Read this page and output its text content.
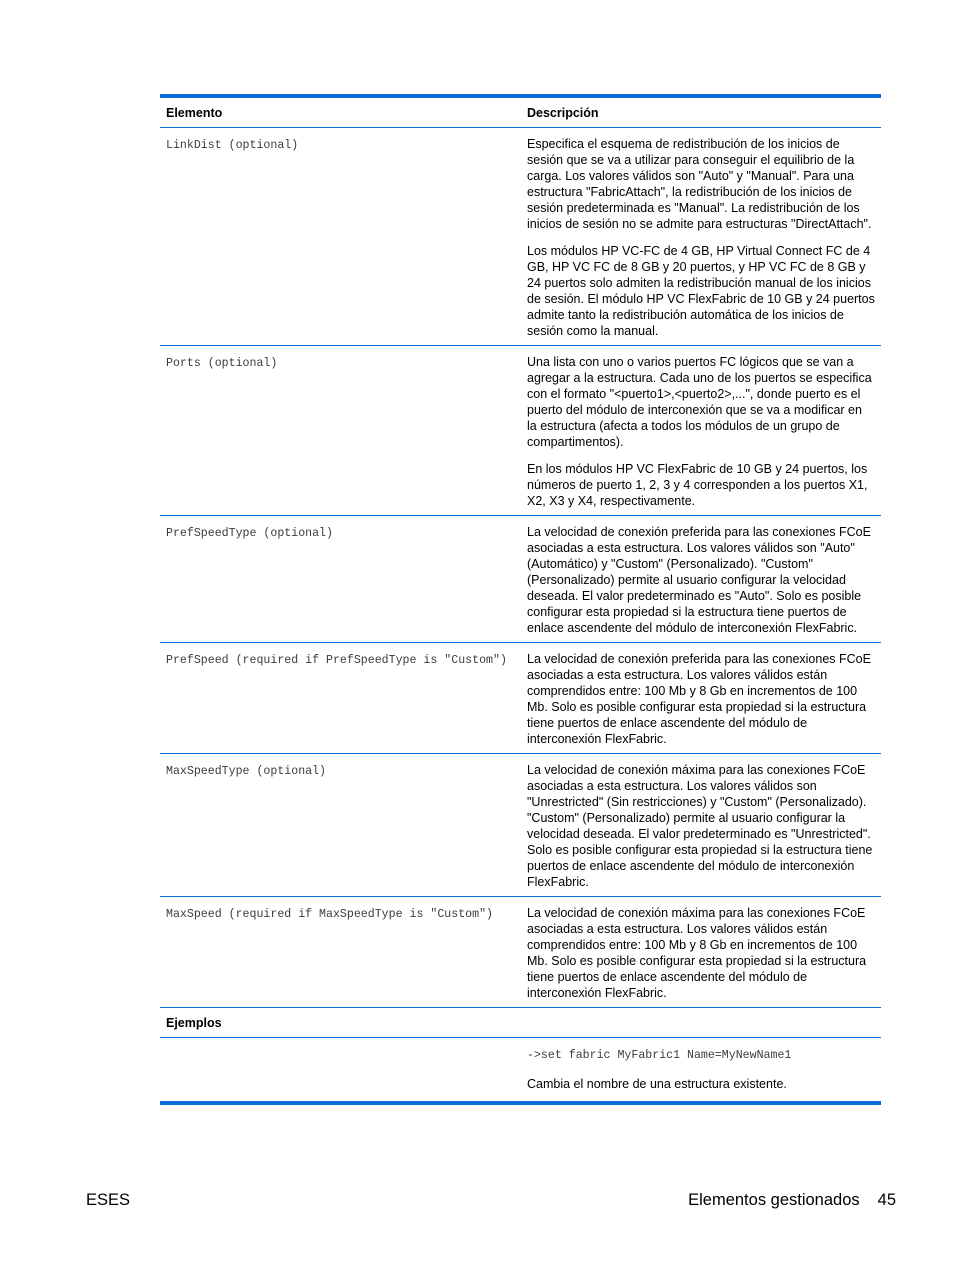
Elemento	Descripción
LinkDist (optional)	Especifica el esquema de redistribución de los inicios de sesión que se va a utilizar para conseguir el equilibrio de la carga. Los valores válidos son "Auto" y "Manual". Para una estructura "FabricAttach", la redistribución de los inicios de sesión predeterminada es "Manual". La redistribución de los inicios de sesión no se admite para estructuras "DirectAttach".

Los módulos HP VC-FC de 4 GB, HP Virtual Connect FC de 4 GB, HP VC FC de 8 GB y 20 puertos, y HP VC FC de 8 GB y 24 puertos solo admiten la redistribución manual de los inicios de sesión. El módulo HP VC FlexFabric de 10 GB y 24 puertos admite tanto la redistribución automática de los inicios de sesión como la manual.

Ports (optional)	Una lista con uno o varios puertos FC lógicos que se van a agregar a la estructura. Cada uno de los puertos se especifica con el formato "<puerto1>,<puerto2>,...", donde puerto es el puerto del módulo de interconexión que se va a modificar en la estructura (afecta a todos los módulos de un grupo de compartimentos).

En los módulos HP VC FlexFabric de 10 GB y 24 puertos, los números de puerto 1, 2, 3 y 4 corresponden a los puertos X1, X2, X3 y X4, respectivamente.

PrefSpeedType (optional)	La velocidad de conexión preferida para las conexiones FCoE asociadas a esta estructura. Los valores válidos son "Auto" (Automático) y "Custom" (Personalizado). "Custom" (Personalizado) permite al usuario configurar la velocidad deseada. El valor predeterminado es "Auto". Solo es posible configurar esta propiedad si la estructura tiene puertos de enlace ascendente del módulo de interconexión FlexFabric.

PrefSpeed (required if PrefSpeedType is "Custom")	La velocidad de conexión preferida para las conexiones FCoE asociadas a esta estructura. Los valores válidos están comprendidos entre: 100 Mb y 8 Gb en incrementos de 100 Mb. Solo es posible configurar esta propiedad si la estructura tiene puertos de enlace ascendente del módulo de interconexión FlexFabric.

MaxSpeedType (optional)	La velocidad de conexión máxima para las conexiones FCoE asociadas a esta estructura. Los valores válidos son "Unrestricted" (Sin restricciones) y "Custom" (Personalizado). "Custom" (Personalizado) permite al usuario configurar la velocidad deseada. El valor predeterminado es "Unrestricted". Solo es posible configurar esta propiedad si la estructura tiene puertos de enlace ascendente del módulo de interconexión FlexFabric.

MaxSpeed (required if MaxSpeedType is "Custom")	La velocidad de conexión máxima para las conexiones FCoE asociadas a esta estructura. Los valores válidos están comprendidos entre: 100 Mb y 8 Gb en incrementos de 100 Mb. Solo es posible configurar esta propiedad si la estructura tiene puertos de enlace ascendente del módulo de interconexión FlexFabric.

Ejemplos	

	->set fabric MyFabric1 Name=MyNewName1

Cambia el nombre de una estructura existente.

ESES	Elementos gestionados 45
